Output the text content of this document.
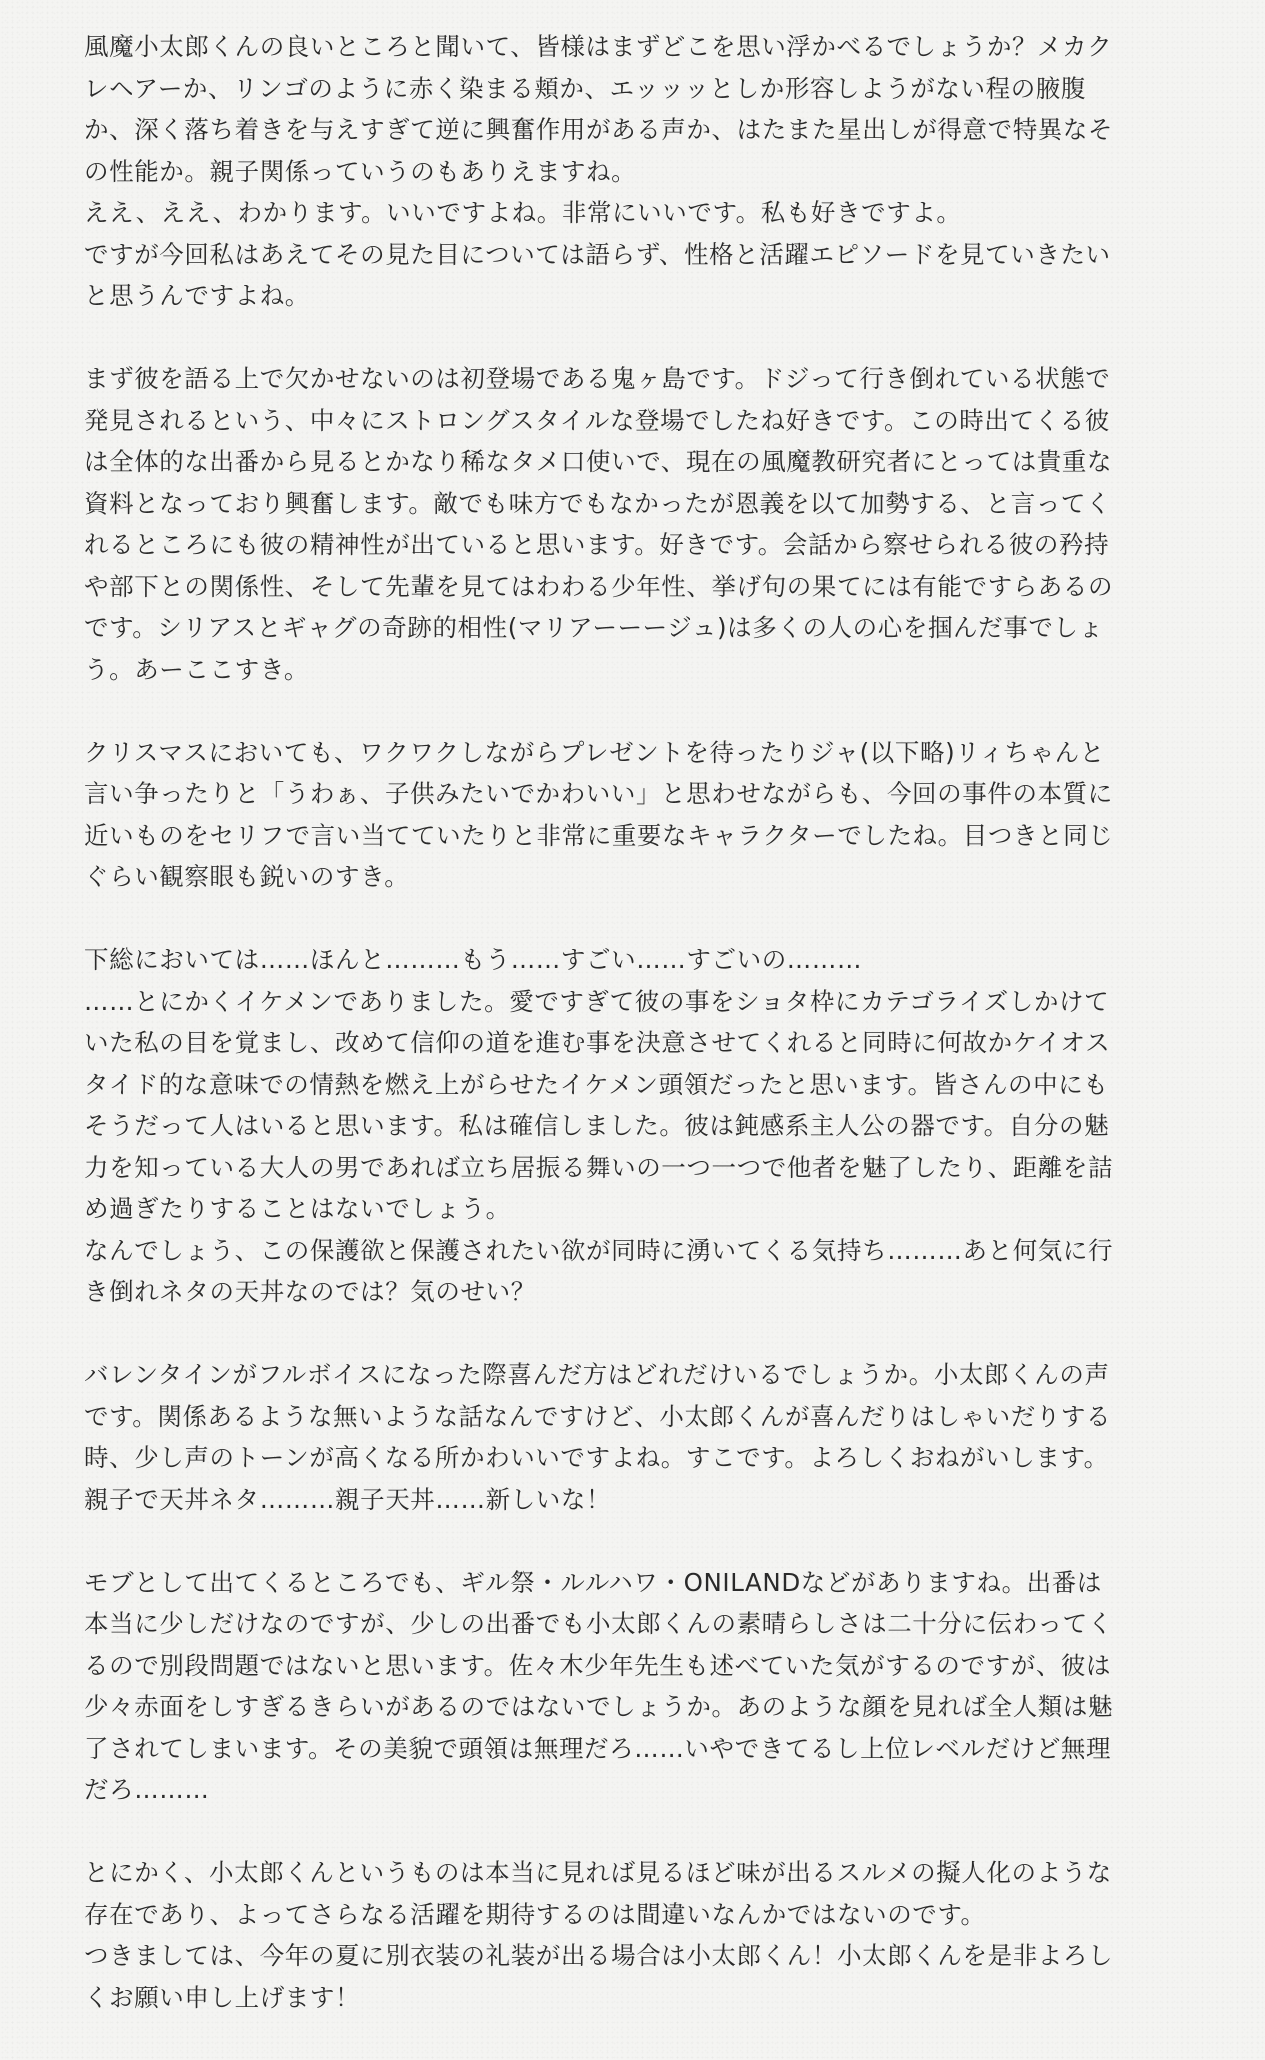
風魔小太郎くんの良いところと聞いて、皆様はまずどこを思い浮かべるでしょうか？メカク
レヘアーか、リンゴのように赤く染まる頬か、エッッッとしか形容しようがない程の腋腹
か、深く落ち着きを与えすぎて逆に興奮作用がある声か、はたまた星出しが得意で特異なそ
の性能か。親子関係っていうのもありえますね。
ええ、ええ、わかります。いいですよね。非常にいいです。私も好きですよ。
ですが今回私はあえてその見た目については語らず、性格と活躍エピソードを見ていきたい
と思うんですよね。
まず彼を語る上で欠かせないのは初登場である鬼ヶ島です。ドジって行き倒れている状態で
発見されるという、中々にストロングスタイルな登場でしたね好きです。この時出てくる彼
は全体的な出番から見るとかなり稀なタメ口使いで、現在の風魔教研究者にとっては貴重な
資料となっており興奮します。敵でも味方でもなかったが恩義を以て加勢する、と言ってく
れるところにも彼の精神性が出ていると思います。好きです。会話から察せられる彼の矜持
や部下との関係性、そして先輩を見てはわわる少年性、挙げ句の果てには有能ですらあるの
です。シリアスとギャグの奇跡的相性(マリアーーージュ)は多くの人の心を掴んだ事でしょ
う。あーここすき。
クリスマスにおいても、ワクワクしながらプレゼントを待ったりジャ(以下略)リィちゃんと
言い争ったりと「うわぁ、子供みたいでかわいい」と思わせながらも、今回の事件の本質に
近いものをセリフで言い当てていたりと非常に重要なキャラクターでしたね。目つきと同じ
ぐらい観察眼も鋭いのすき。
下総においては……ほんと………もう……すごい……すごいの………
……とにかくイケメンでありました。愛ですぎて彼の事をショタ枠にカテゴライズしかけて
いた私の目を覚まし、改めて信仰の道を進む事を決意させてくれると同時に何故かケイオス
タイド的な意味での情熱を燃え上がらせたイケメン頭領だったと思います。皆さんの中にも
そうだって人はいると思います。私は確信しました。彼は鈍感系主人公の器です。自分の魅
力を知っている大人の男であれば立ち居振る舞いの一つ一つで他者を魅了したり、距離を詰
め過ぎたりすることはないでしょう。
なんでしょう、この保護欲と保護されたい欲が同時に湧いてくる気持ち………あと何気に行
き倒れネタの天丼なのでは？気のせい？
バレンタインがフルボイスになった際喜んだ方はどれだけいるでしょうか。小太郎くんの声
です。関係あるような無いような話なんですけど、小太郎くんが喜んだりはしゃいだりする
時、少し声のトーンが高くなる所かわいいですよね。すこです。よろしくおねがいします。
親子で天丼ネタ………親子天丼……新しいな！
モブとして出てくるところでも、ギル祭・ルルハワ・ONILANDなどがありますね。出番は
本当に少しだけなのですが、少しの出番でも小太郎くんの素晴らしさは二十分に伝わってく
るので別段問題ではないと思います。佐々木少年先生も述べていた気がするのですが、彼は
少々赤面をしすぎるきらいがあるのではないでしょうか。あのような顔を見れば全人類は魅
了されてしまいます。その美貌で頭領は無理だろ……いやできてるし上位レベルだけど無理
だろ………
とにかく、小太郎くんというものは本当に見れば見るほど味が出るスルメの擬人化のような
存在であり、よってさらなる活躍を期待するのは間違いなんかではないのです。
つきましては、今年の夏に別衣装の礼装が出る場合は小太郎くん！小太郎くんを是非よろし
くお願い申し上げます！
